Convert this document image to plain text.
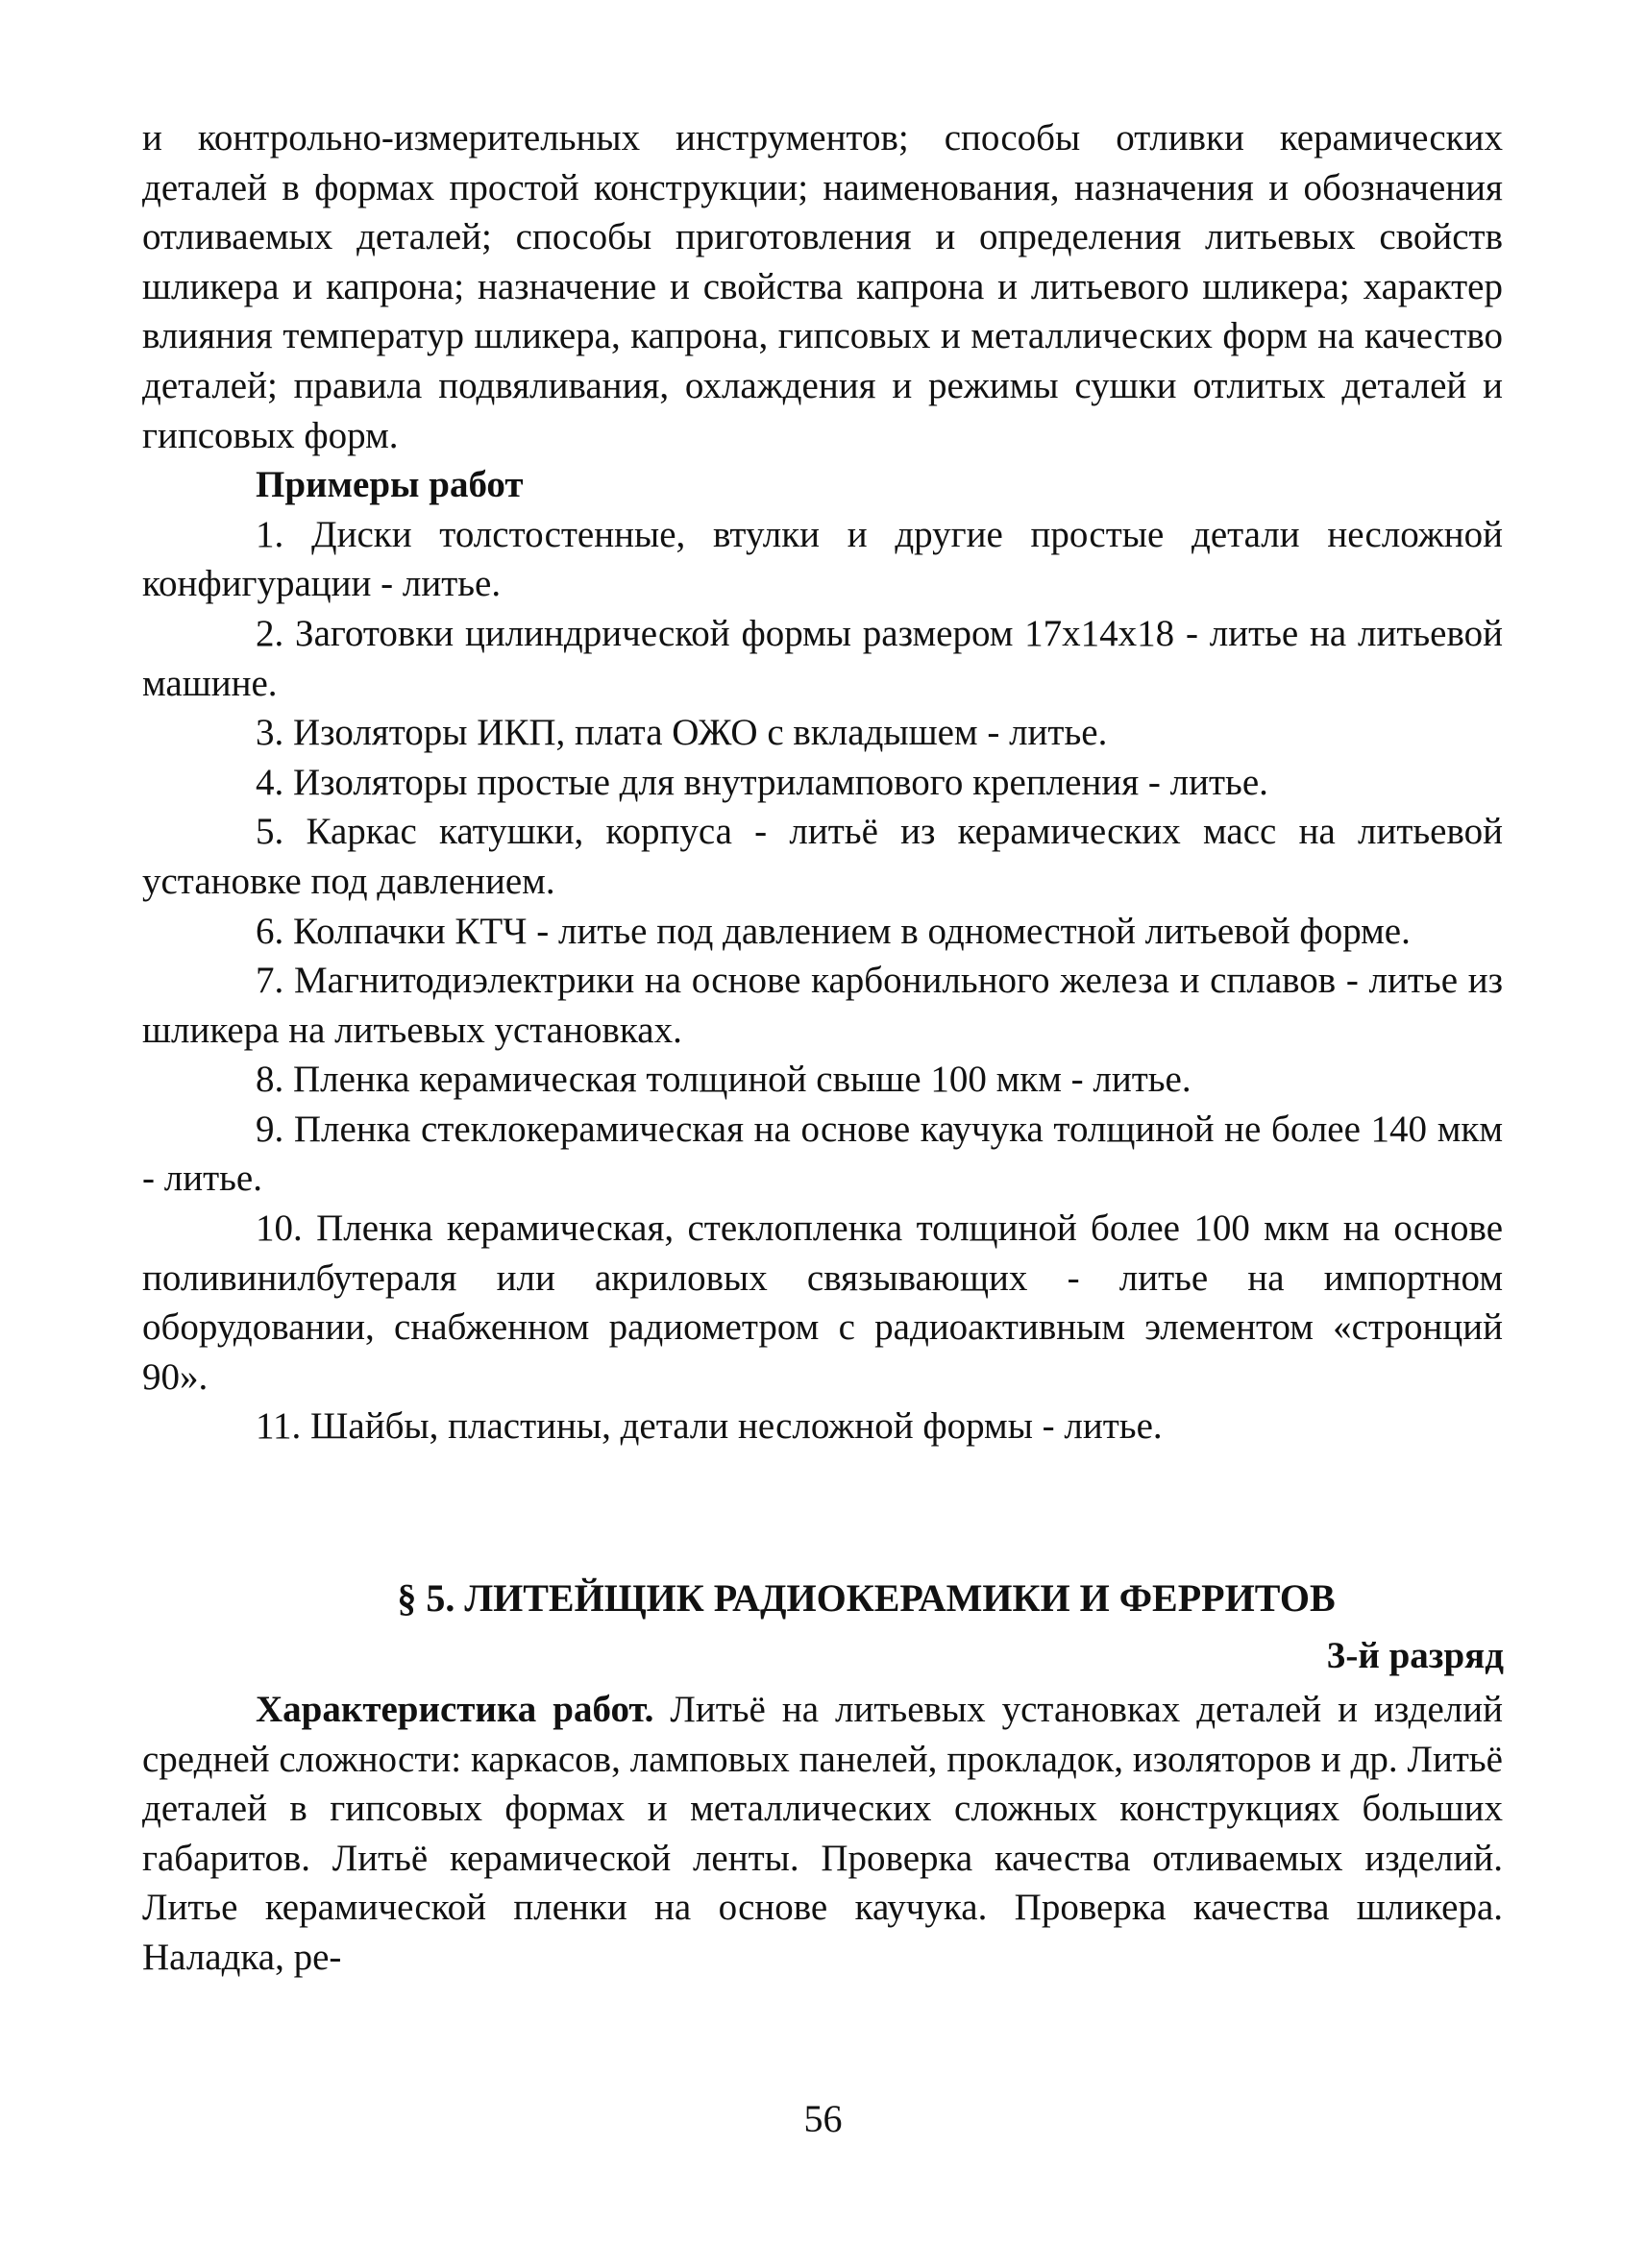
и контрольно-измерительных инструментов; способы отливки керамических деталей в формах простой конструкции; наименования, назначения и обозначения отливаемых деталей; способы приготовления и определения литьевых свойств шликера и капрона; назначение и свойства капрона и литьевого шликера; характер влияния температур шликера, капрона, гипсовых и металлических форм на качество деталей; правила подвяливания, охлаждения и режимы сушки отлитых деталей и гипсовых форм.

Примеры работ

1. Диски толстостенные, втулки и другие простые детали несложной конфигурации - литье.

2. Заготовки цилиндрической формы размером 17x14x18 - литье на литьевой машине.

3. Изоляторы ИКП, плата ОЖО с вкладышем - литье.

4. Изоляторы простые для внутрилампового крепления - литье.

5. Каркас катушки, корпуса - литьё из керамических масс на литьевой установке под давлением.

6. Колпачки КТЧ - литье под давлением в одноместной литьевой форме.

7. Магнитодиэлектрики на основе карбонильного железа и сплавов - литье из шликера на литьевых установках.

8. Пленка керамическая толщиной свыше 100 мкм - литье.

9. Пленка стеклокерамическая на основе каучука толщиной не более 140 мкм - литье.

10. Пленка керамическая, стеклопленка толщиной более 100 мкм на основе поливинилбутераля или акриловых связывающих - литье на импортном оборудовании, снабженном радиометром с радиоактивным элементом «стронций 90».

11. Шайбы, пластины, детали несложной формы - литье.

§ 5. ЛИТЕЙЩИК РАДИОКЕРАМИКИ И ФЕРРИТОВ
3-й разряд

Характеристика работ. Литьё на литьевых установках деталей и изделий средней сложности: каркасов, ламповых панелей, прокладок, изоляторов и др. Литьё деталей в гипсовых формах и металлических сложных конструкциях больших габаритов. Литьё керамической ленты. Проверка качества отливаемых изделий. Литье керамической пленки на основе каучука. Проверка качества шликера. Наладка, ре-

56
